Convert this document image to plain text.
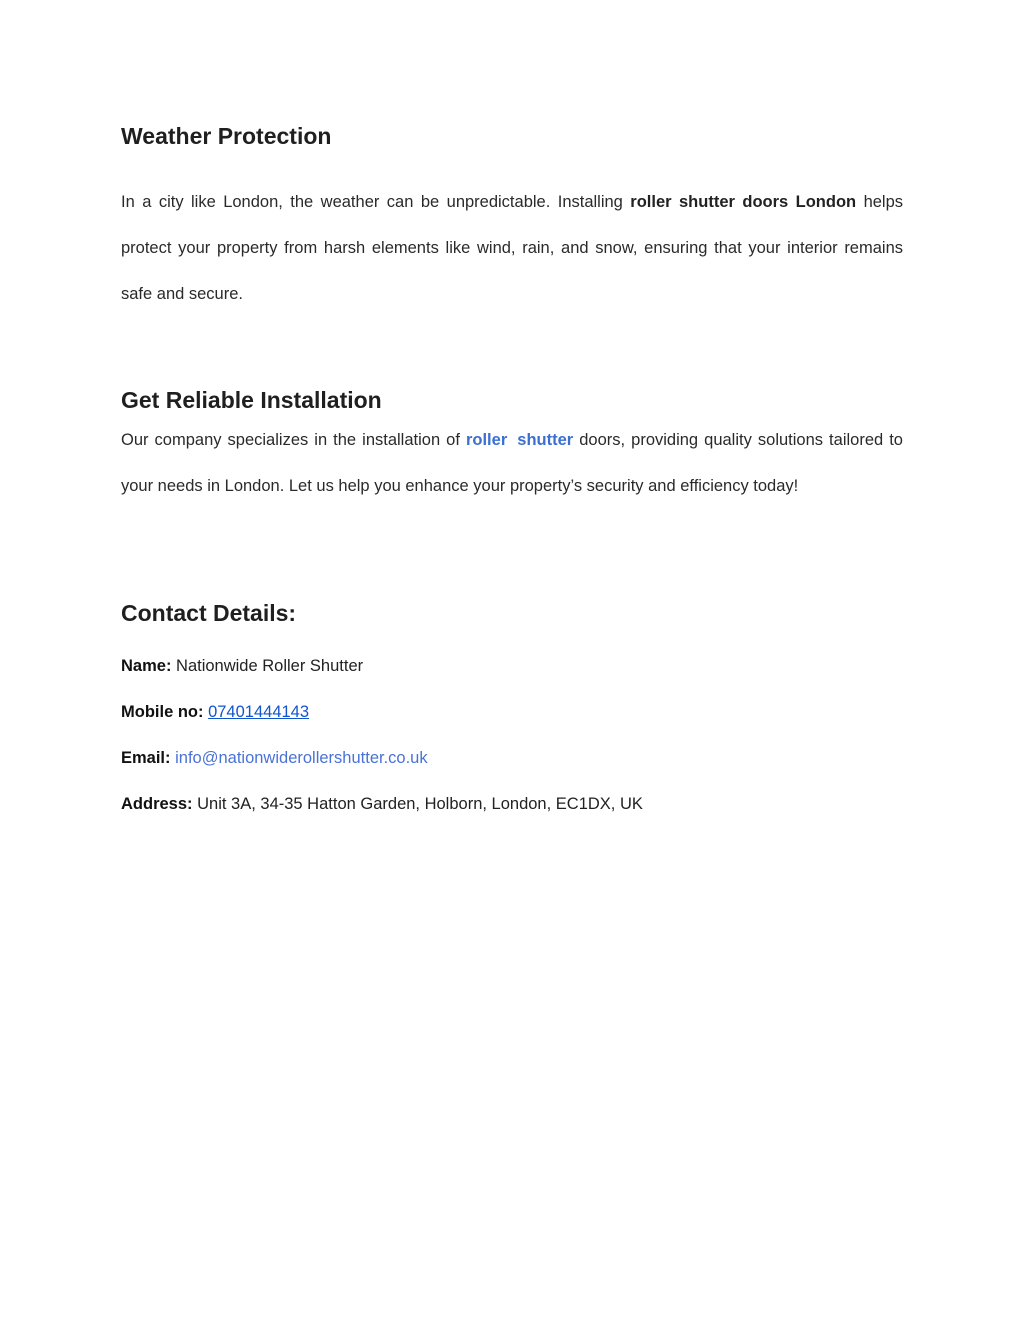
Weather Protection
In a city like London, the weather can be unpredictable. Installing roller shutter doors London helps protect your property from harsh elements like wind, rain, and snow, ensuring that your interior remains safe and secure.
Get Reliable Installation
Our company specializes in the installation of roller shutter doors, providing quality solutions tailored to your needs in London. Let us help you enhance your property’s security and efficiency today!
Contact Details:
Name: Nationwide Roller Shutter
Mobile no: 07401444143
Email: info@nationwiderollershutter.co.uk
Address: Unit 3A, 34-35 Hatton Garden, Holborn, London, EC1DX, UK
